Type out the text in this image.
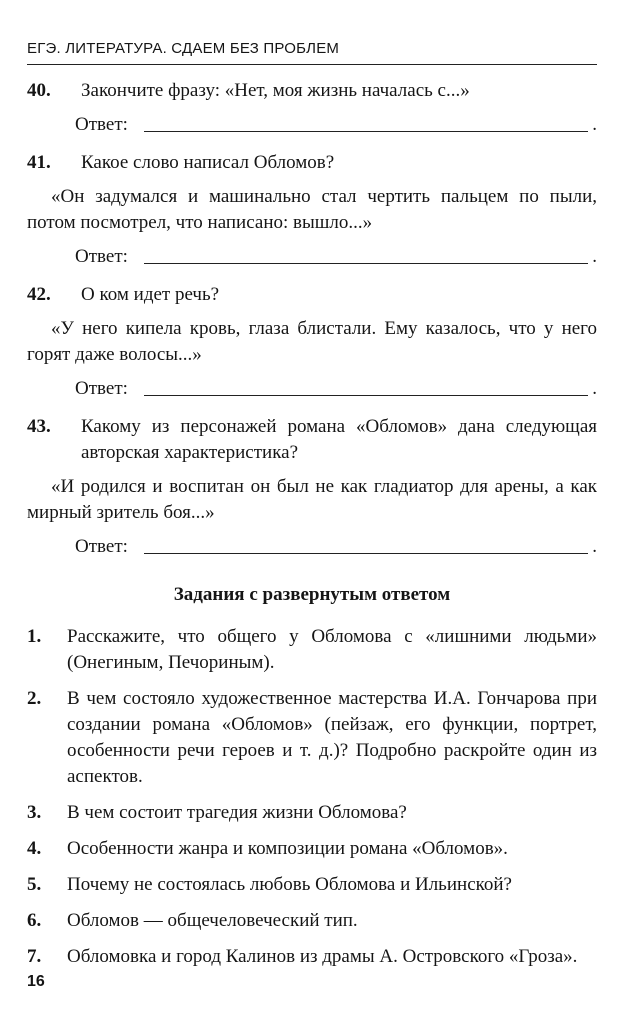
ЕГЭ. ЛИТЕРАТУРА. СДАЕМ БЕЗ ПРОБЛЕМ

40. Закончите фразу: «Нет, моя жизнь началась с...»

Ответ:	.

41. Какое слово написал Обломов?

«Он задумался и машинально стал чертить пальцем по пыли, потом посмотрел, что написано: вышло...»

Ответ:	.

42. О ком идет речь?

«У него кипела кровь, глаза блистали. Ему казалось, что у него горят даже волосы...»

Ответ:	.

43. Какому из персонажей романа «Обломов» дана следующая авторская характеристика?

«И родился и воспитан он был не как гладиатор для арены, а как мирный зритель боя...»

Ответ:	.
Задания с развернутым ответом
1.	Расскажите, что общего у Обломова с «лишними людьми» (Онегиным, Печориным).
2.	В чем состояло художественное мастерства И.А. Гончарова при создании романа «Обломов» (пейзаж, его функции, портрет, особенности речи героев и т. д.)? Подробно раскройте один из аспектов.
3.	В чем состоит трагедия жизни Обломова?
4.	Особенности жанра и композиции романа «Обломов».
5.	Почему не состоялась любовь Обломова и Ильинской?
6.	Обломов — общечеловеческий тип.
7.	Обломовка и город Калинов из драмы А. Островского «Гроза».
16
